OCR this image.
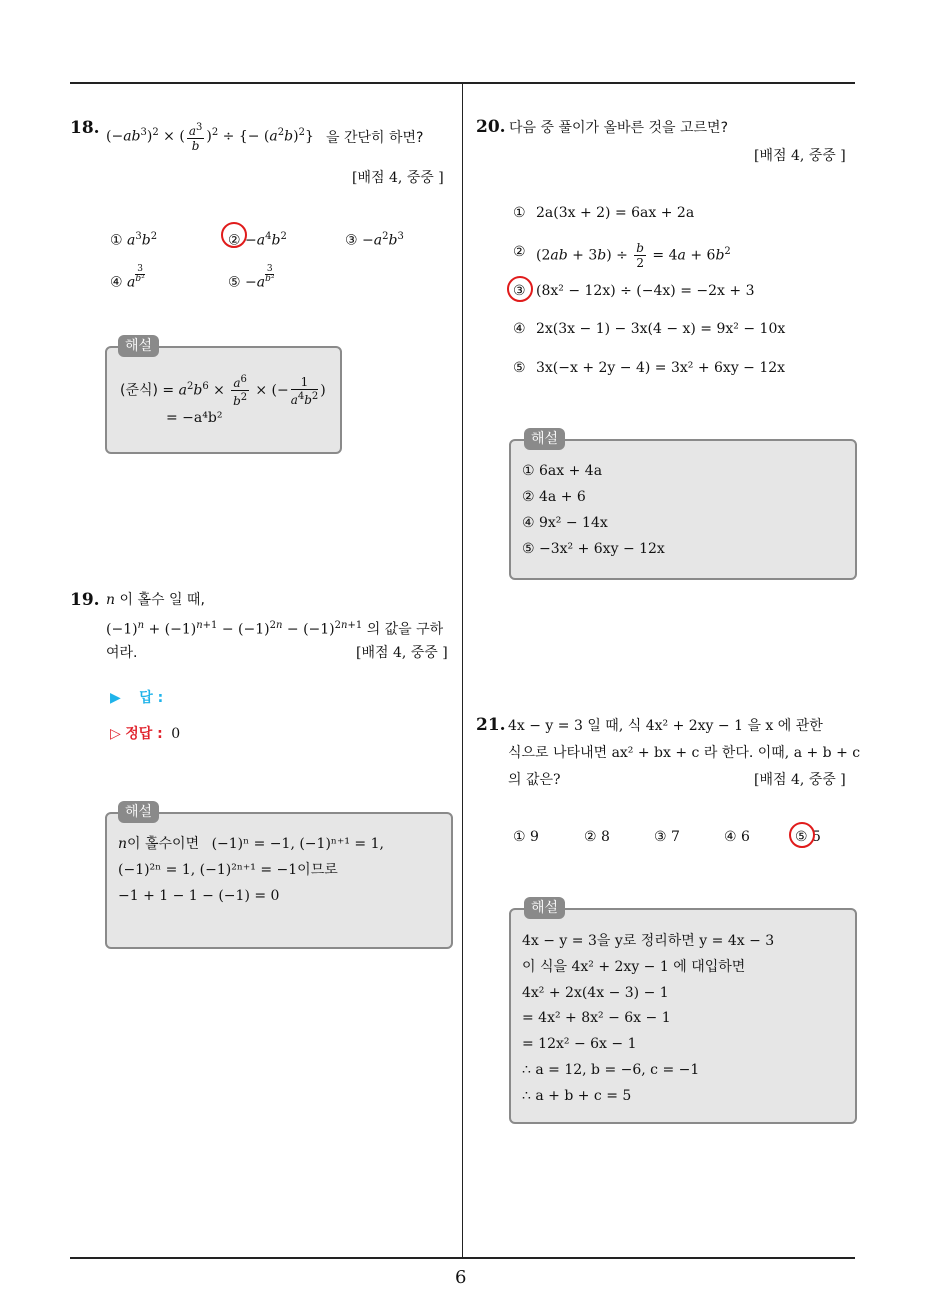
6
18. $(-ab^3)^2$ × ( $\frac{a^3}{b} )^2$ ÷ {− $(a^2b)^2$} 을 간단히 하면?
[배점 4, 중중 ]
① $a^3b^2$	② $-a^4b^2$	③ $-a^2b^3$
④ a $\frac{3}{\text{b²}}$	⑤ $-a \frac{3}{\text{b²}}$
해설
(준식) = $a^2b^6 \times \frac{a^6}{b^2}$ × (− $\frac{1}{a^4b^2}$ )
= −a⁴b²
19. n 이 홀수 일 때,
$(-1)^n + (-1)^{n+1} - (-1)^{2n} - (-1)^{2n+1}$ 의 값을 구하
여라.	[배점 4, 중중 ]
▶ 답 :
▷ 정답 : 0
해설
n이 홀수이면 (−1)ⁿ = −1, (−1)ⁿ⁺¹ = 1,
(−1)²ⁿ = 1, (−1)²ⁿ⁺¹ = −1이므로
−1 + 1 − 1 − (−1) = 0
20. 다음 중 풀이가 올바른 것을 고르면?
[배점 4, 중중 ]
2a(3x + 2) = 6ax + 2a
①
$(2ab + 3b) \div \frac{b}{2} = 4a + 6b^2$
②
(8x² − 12x) ÷ (−4x) = −2x + 3
③
2x(3x − 1) − 3x(4 − x) = 9x² − 10x
④
3x(−x + 2y − 4) = 3x² + 6xy − 12x
⑤
해설
① 6ax + 4a
② 4a + 6
④ 9x² − 14x
⑤ −3x² + 6xy − 12x
21. 4x − y = 3 일 때, 식 4x² + 2xy − 1 을 x 에 관한
식으로 나타내면 ax² + bx + c 라 한다. 이때, a + b + c
의 값은?	[배점 4, 중중 ]
① 9	② 8	③ 7	④ 6	⑤ 5
해설
4x − y = 3을 y로 정리하면 y = 4x − 3
이 식을 4x² + 2xy − 1 에 대입하면
4x² + 2x(4x − 3) − 1
= 4x² + 8x² − 6x − 1
= 12x² − 6x − 1
∴ a = 12, b = −6, c = −1
∴ a + b + c = 5
